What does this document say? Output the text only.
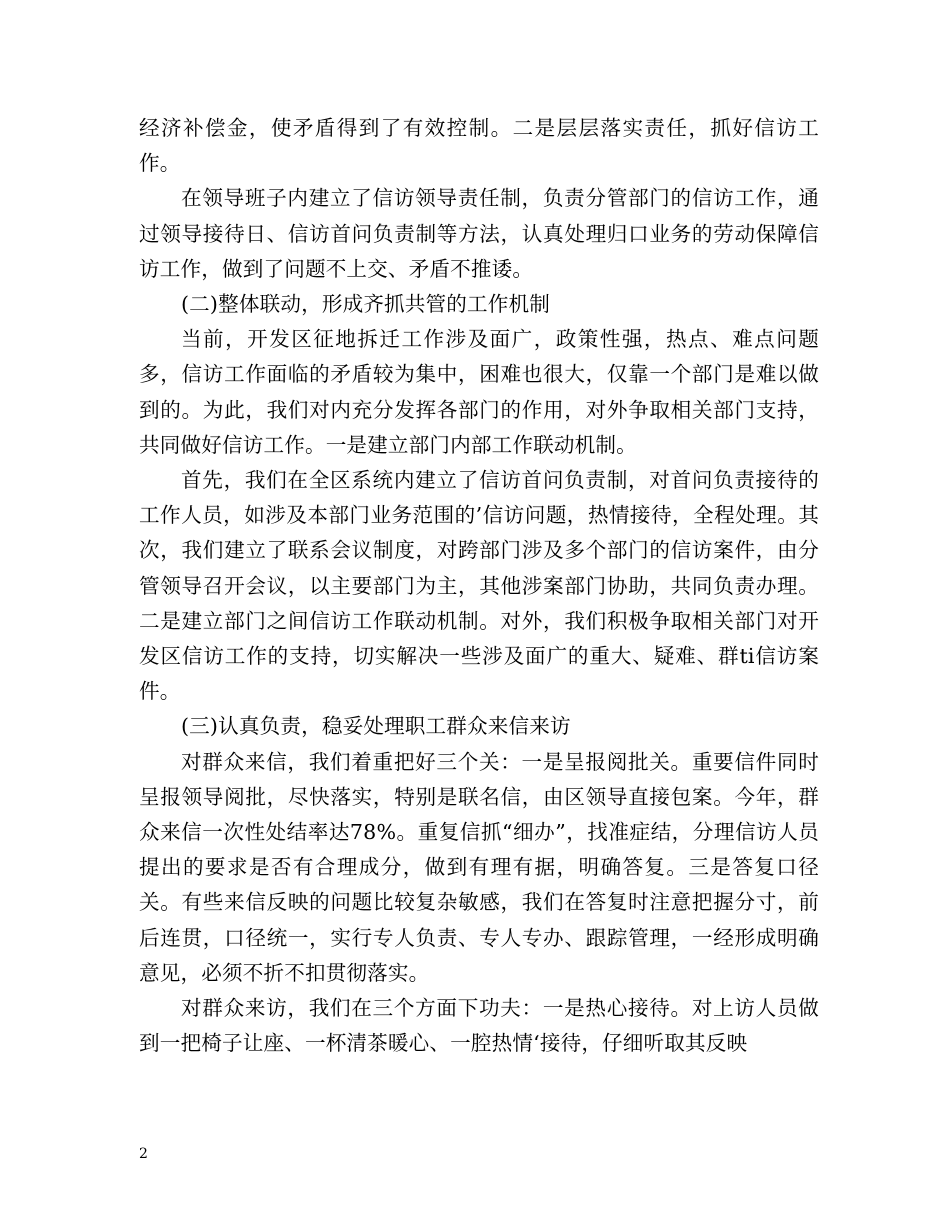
经济补偿金，使矛盾得到了有效控制。二是层层落实责任，抓好信访工作。

在领导班子内建立了信访领导责任制，负责分管部门的信访工作，通过领导接待日、信访首问负责制等方法，认真处理归口业务的劳动保障信访工作，做到了问题不上交、矛盾不推诿。

(二)整体联动，形成齐抓共管的工作机制

当前，开发区征地拆迁工作涉及面广，政策性强，热点、难点问题多，信访工作面临的矛盾较为集中，困难也很大，仅靠一个部门是难以做到的。为此，我们对内充分发挥各部门的作用，对外争取相关部门支持，共同做好信访工作。一是建立部门内部工作联动机制。

首先，我们在全区系统内建立了信访首问负责制，对首问负责接待的工作人员，如涉及本部门业务范围的’信访问题，热情接待，全程处理。其次，我们建立了联系会议制度，对跨部门涉及多个部门的信访案件，由分管领导召开会议，以主要部门为主，其他涉案部门协助，共同负责办理。二是建立部门之间信访工作联动机制。对外，我们积极争取相关部门对开发区信访工作的支持，切实解决一些涉及面广的重大、疑难、群ti信访案件。

(三)认真负责，稳妥处理职工群众来信来访

对群众来信，我们着重把好三个关：一是呈报阅批关。重要信件同时呈报领导阅批，尽快落实，特别是联名信，由区领导直接包案。今年，群众来信一次性处结率达78%。重复信抓“细办”，找准症结，分理信访人员提出的要求是否有合理成分，做到有理有据，明确答复。三是答复口径关。有些来信反映的问题比较复杂敏感，我们在答复时注意把握分寸，前后连贯，口径统一，实行专人负责、专人专办、跟踪管理，一经形成明确意见，必须不折不扣贯彻落实。

对群众来访，我们在三个方面下功夫：一是热心接待。对上访人员做到一把椅子让座、一杯清茶暖心、一腔热情‘接待，仔细听取其反映

2
